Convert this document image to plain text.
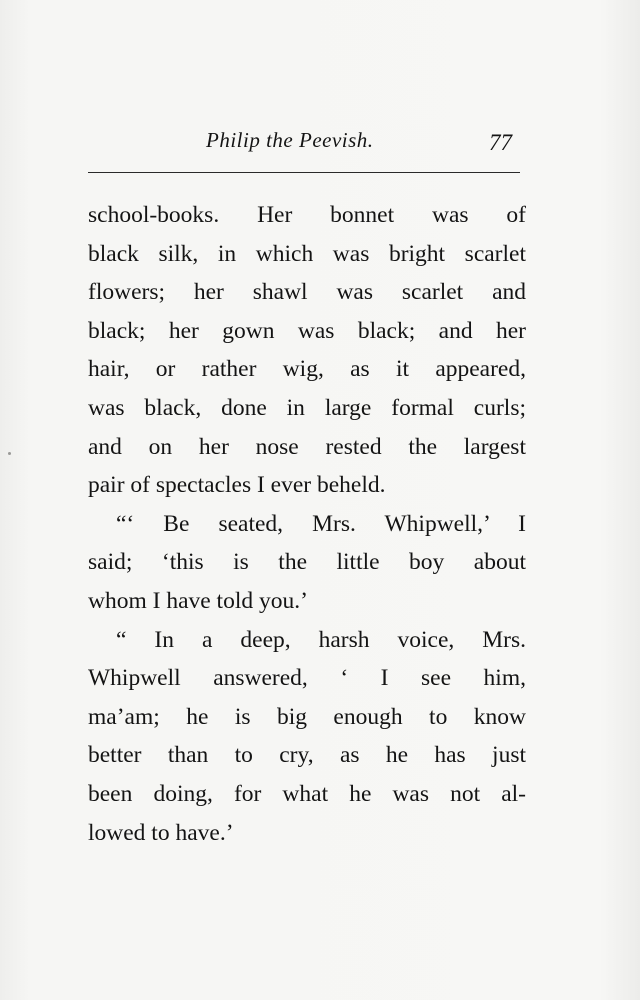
Philip the Peevish.	77
school-books. Her bonnet was of
black silk, in which was bright scarlet
flowers; her shawl was scarlet and
black; her gown was black; and her
hair, or rather wig, as it appeared,
was black, done in large formal curls;
and on her nose rested the largest
pair of spectacles I ever beheld.
“‘ Be seated, Mrs. Whipwell,’ I
said; ‘this is the little boy about
whom I have told you.’
“ In a deep, harsh voice, Mrs.
Whipwell answered, ‘ I see him,
ma’am; he is big enough to know
better than to cry, as he has just
been doing, for what he was not al-
lowed to have.’
